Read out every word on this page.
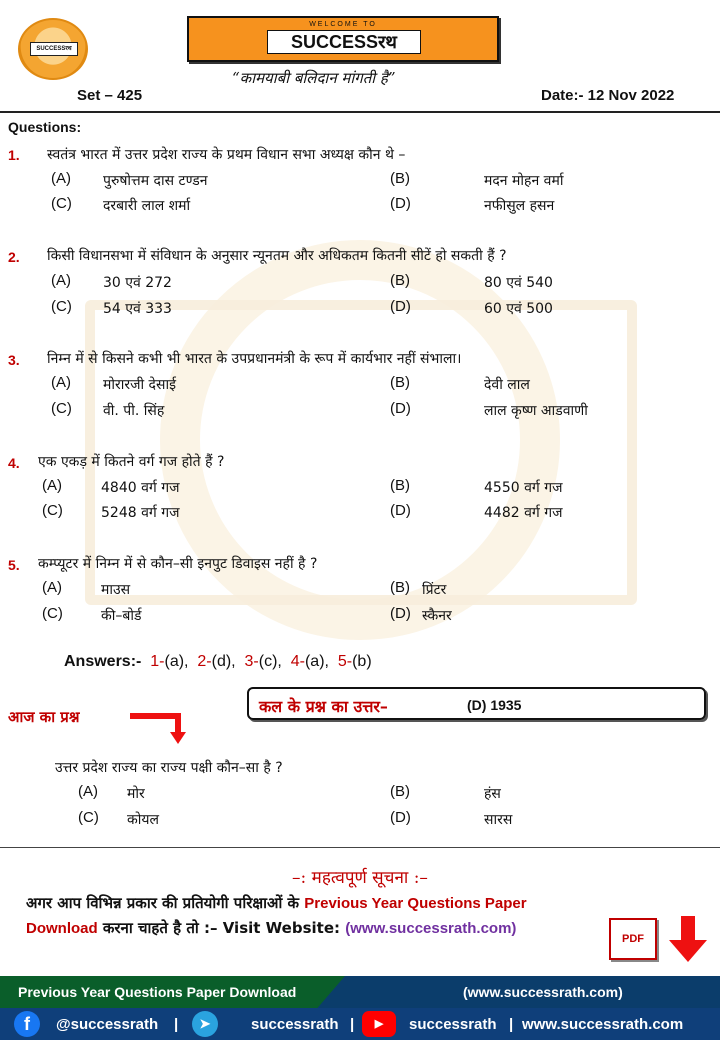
SUCCESSरथ
WELCOME TO
SUCCESSरथ
“कामयाबी बलिदान मांगती है”
Set – 425	Date:- 12 Nov 2022
Questions:
1. स्वतंत्र भारत में उत्तर प्रदेश राज्य के प्रथम विधान सभा अध्यक्ष कौन थे –
(A) पुरुषोत्तम दास टण्डन	(B)	मदन मोहन वर्मा
(C) दरबारी लाल शर्मा	(D)	नफीसुल हसन
2. किसी विधानसभा में संविधान के अनुसार न्यूनतम और अधिकतम कितनी सीटें हो सकती हैं ?
(A) 30 एवं 272	(B)	80 एवं 540
(C) 54 एवं 333	(D)	60 एवं 500
3. निम्न में से किसने कभी भी भारत के उपप्रधानमंत्री के रूप में कार्यभार नहीं संभाला।
(A) मोरारजी देसाई	(B)	देवी लाल
(C) वी. पी. सिंह	(D)	लाल कृष्ण आडवाणी
4. एक एकड़ में कितने वर्ग गज होते हैं ?
(A)	4840 वर्ग गज	(B)	4550 वर्ग गज
(C)	5248 वर्ग गज	(D)	4482 वर्ग गज
5. कम्प्यूटर में निम्न में से कौन–सी इनपुट डिवाइस नहीं है ?
(A)	माउस	(B) प्रिंटर
(C)	की–बोर्ड	(D) स्कैनर
Answers:- 1-(a), 2-(d), 3-(c), 4-(a), 5-(b)
आज का प्रश्न
कल के प्रश्न का उत्तर–	(D) 1935
उत्तर प्रदेश राज्य का राज्य पक्षी कौन–सा है ?
(A) मोर	(B)	हंस
(C) कोयल	(D)	सारस
–: महत्वपूर्ण सूचना :–
अगर आप विभिन्न प्रकार की प्रतियोगी परिक्षाओं के Previous Year Questions Paper
Download करना चाहते है तो :– Visit Website: (www.successrath.com)
PDF
Previous Year Questions Paper Download	(www.successrath.com)
f	@successrath |	➤	successrath |	▶	successrath | www.successrath.com
